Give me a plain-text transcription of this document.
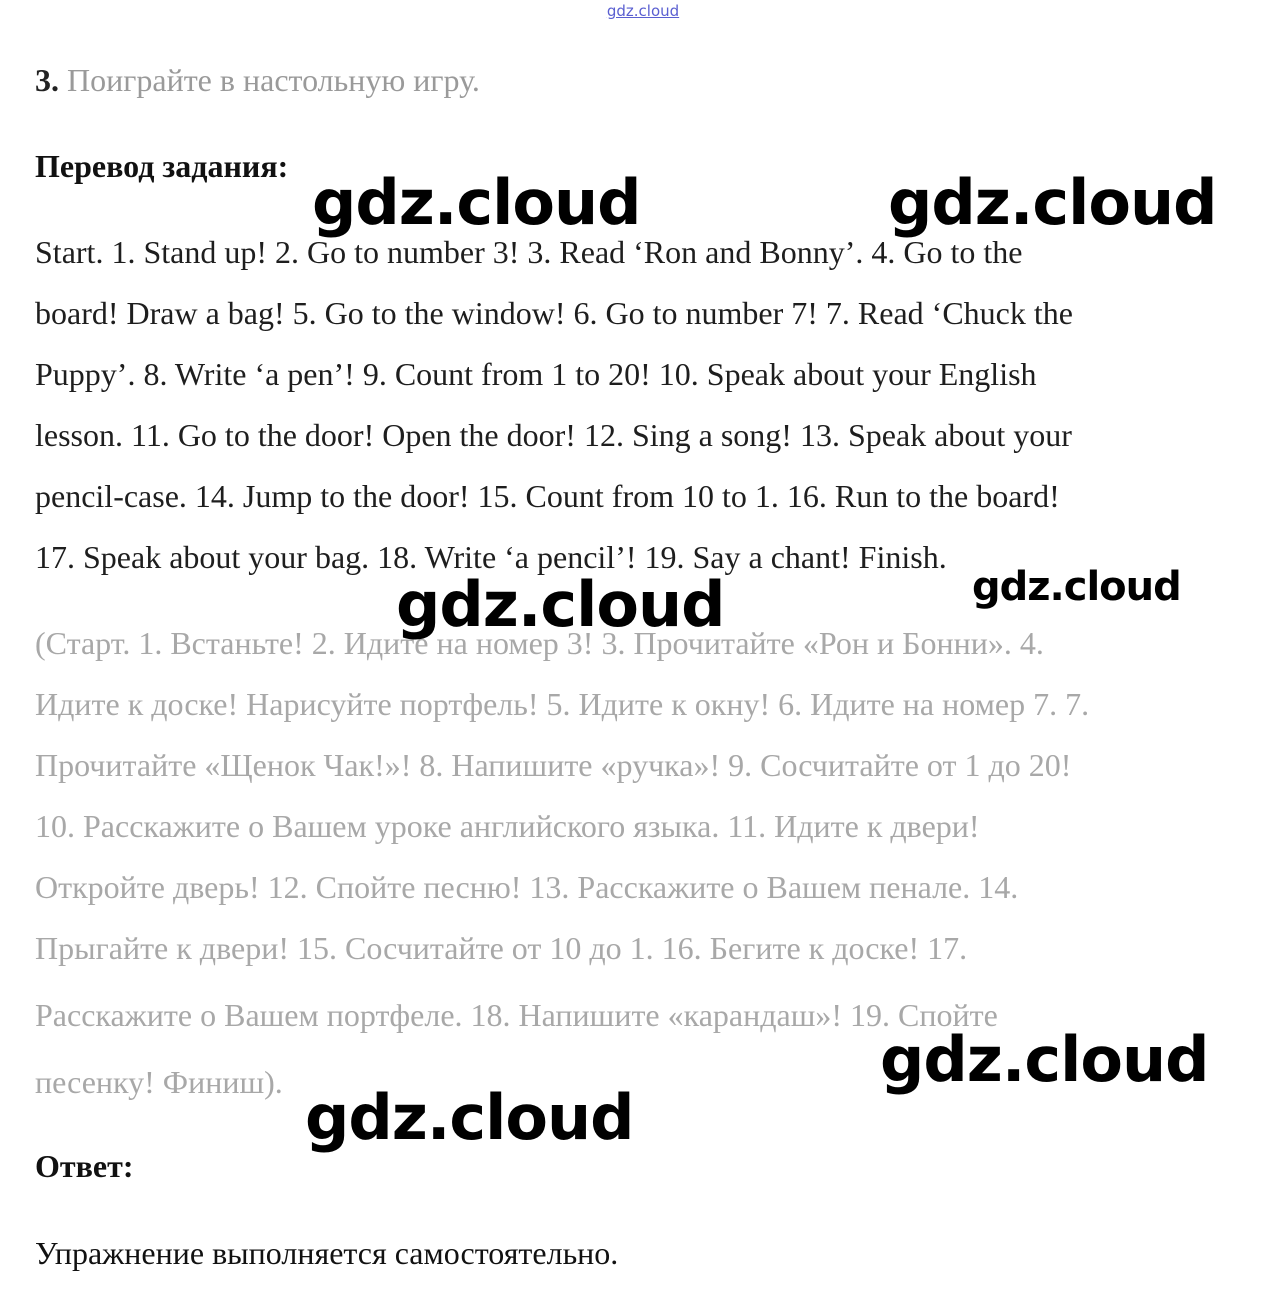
gdz.cloud
3. Поиграйте в настольную игру.
Перевод задания:
Start. 1. Stand up! 2. Go to number 3! 3. Read ‘Ron and Bonny’. 4. Go to the
board! Draw a bag! 5. Go to the window! 6. Go to number 7! 7. Read ‘Chuck the
Puppy’. 8. Write ‘a pen’! 9. Count from 1 to 20! 10. Speak about your English
lesson. 11. Go to the door! Open the door! 12. Sing a song! 13. Speak about your
pencil-case. 14. Jump to the door! 15. Count from 10 to 1. 16. Run to the board!
17. Speak about your bag. 18. Write ‘a pencil’! 19. Say a chant! Finish.
(Старт. 1. Встаньте! 2. Идите на номер 3! 3. Прочитайте «Рон и Бонни». 4.
Идите к доске! Нарисуйте портфель! 5. Идите к окну! 6. Идите на номер 7. 7.
Прочитайте «Щенок Чак!»! 8. Напишите «ручка»! 9. Сосчитайте от 1 до 20!
10. Расскажите о Вашем уроке английского языка. 11. Идите к двери!
Откройте дверь! 12. Спойте песню! 13. Расскажите о Вашем пенале. 14.
Прыгайте к двери! 15. Сосчитайте от 10 до 1. 16. Бегите к доске! 17.
Расскажите о Вашем портфеле. 18. Напишите «карандаш»! 19. Спойте
песенку! Финиш).
Ответ:
Упражнение выполняется самостоятельно.
gdz.cloud	gdz.cloud
gdz.cloud	gdz.cloud
gdz.cloud
gdz.cloud
